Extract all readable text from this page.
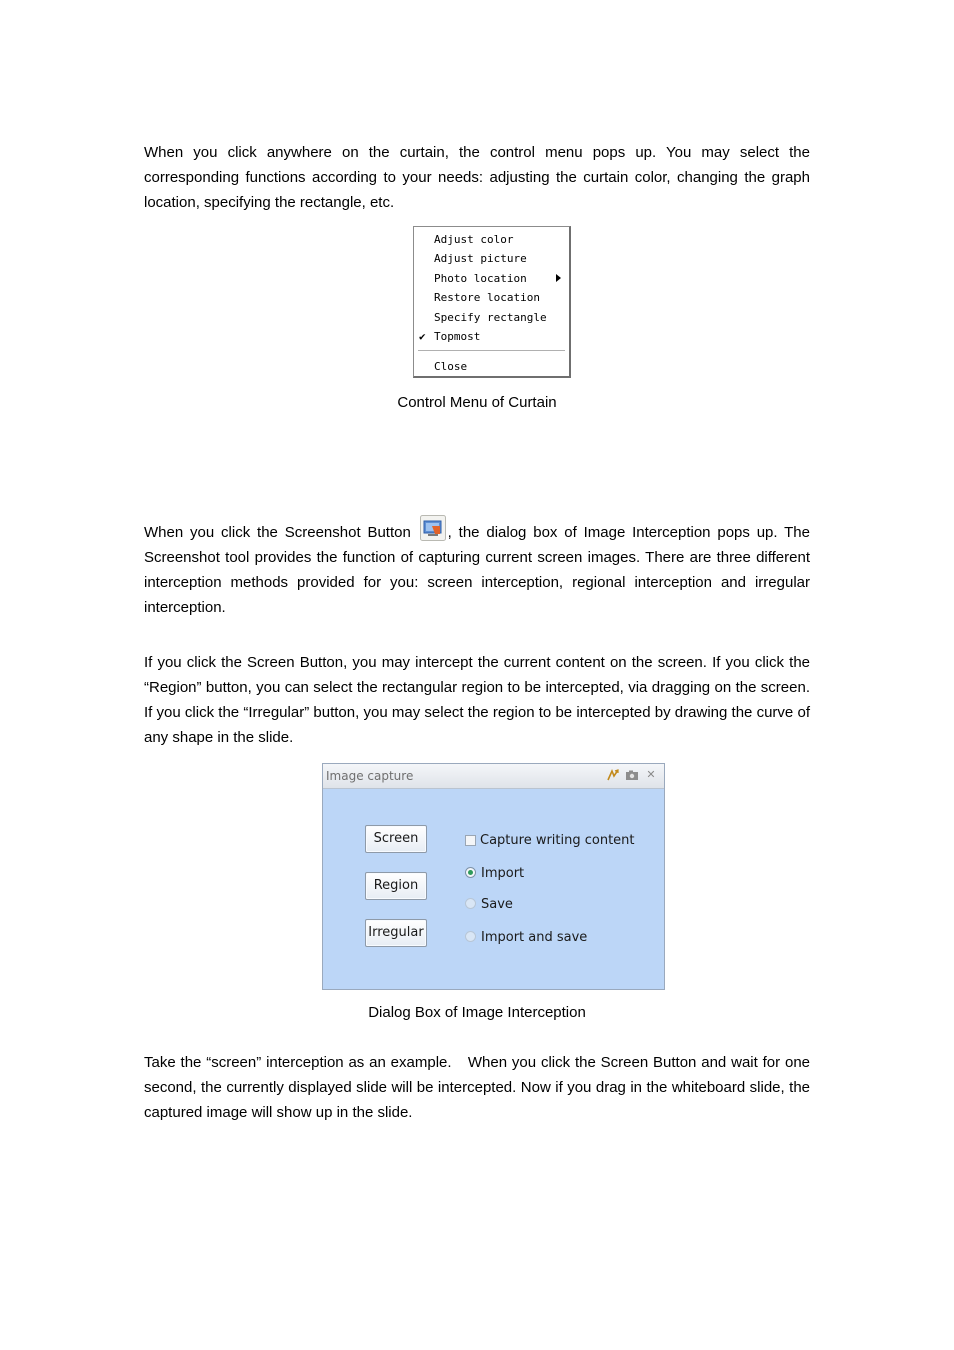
When you click anywhere on the curtain, the control menu pops up. You may select the corresponding functions according to your needs: adjusting the curtain color, changing the graph location, specifying the rectangle, etc.

Adjust color
Adjust picture
Photo location
Restore location
Specify rectangle
✔ Topmost
Close

Control Menu of Curtain

When you click the Screenshot Button , the dialog box of Image Interception pops up. The Screenshot tool provides the function of capturing current screen images. There are three different interception methods provided for you: screen interception, regional interception and irregular interception.

If you click the Screen Button, you may intercept the current content on the screen. If you click the “Region” button, you can select the rectangular region to be intercepted, via dragging on the screen. If you click the “Irregular” button, you may select the region to be intercepted by drawing the curve of any shape in the slide.

Image capture	✕
Screen
Region
Irregular
Capture writing content
Import
Save
Import and save

Dialog Box of Image Interception

Take the “screen” interception as an example.　When you click the Screen Button and wait for one second, the currently displayed slide will be intercepted. Now if you drag in the whiteboard slide, the captured image will show up in the slide.
